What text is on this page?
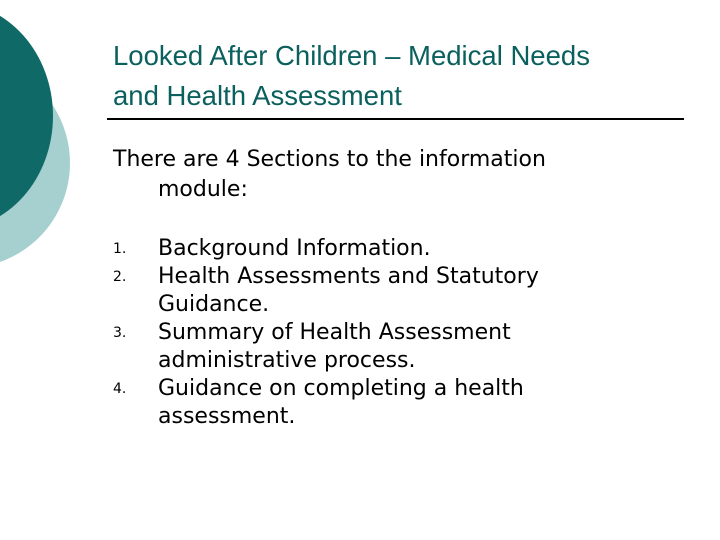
Looked After Children – Medical Needs
and Health Assessment

There are 4 Sections to the information
module:

1. Background Information.
2. Health Assessments and Statutory
Guidance.
3. Summary of Health Assessment
administrative process.
4. Guidance on completing a health
assessment.
